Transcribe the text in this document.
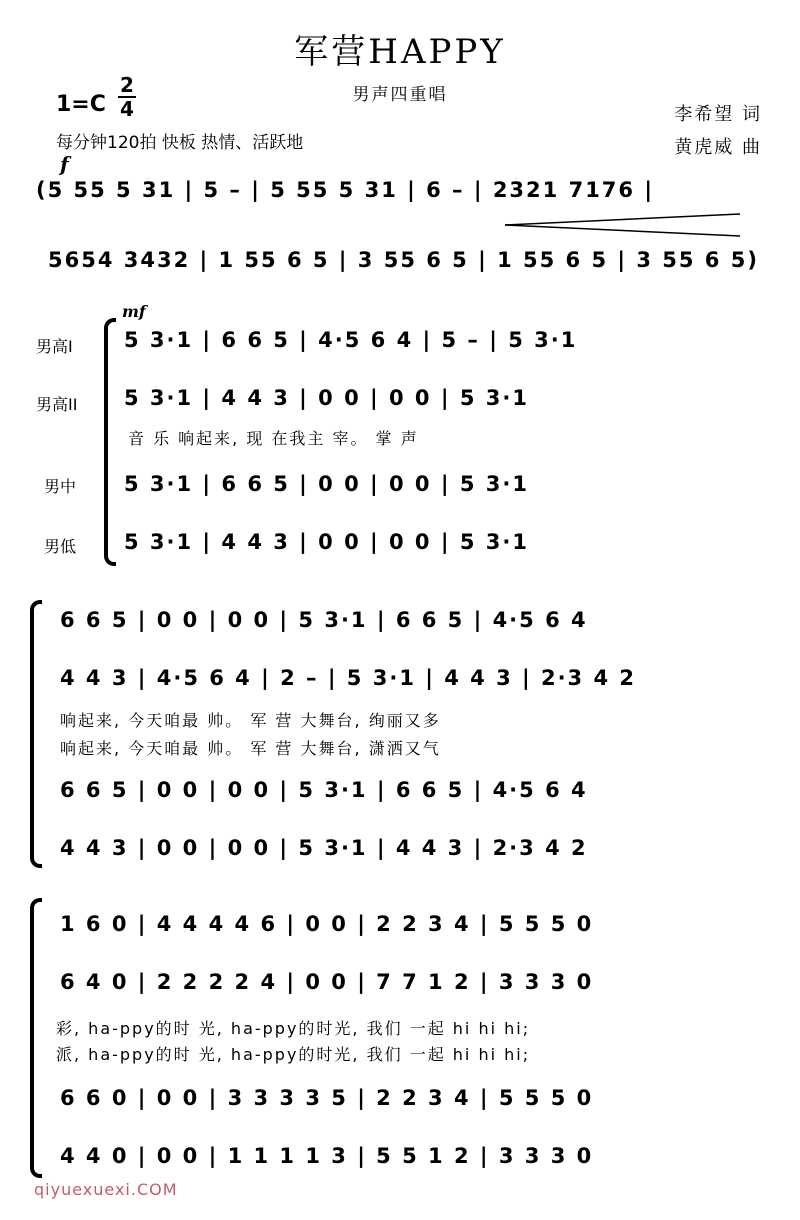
军营HAPPY
男声四重唱
1=C
2
4
每分钟120拍 快板 热情、活跃地
李希望 词
黄虎威 曲
f
(5 55 5 31 | 5 – | 5 55 5 31 | 6 – | 2321 7176 |
5654 3432 | 1 55 6 5 | 3 55 6 5 | 1 55 6 5 | 3 55 6 5)
mf
男高I
男高II
男中
男低
5 3·1 | 6 6 5 | 4·5 6 4 | 5 – | 5 3·1
5 3·1 | 4 4 3 | 0 0 | 0 0 | 5 3·1
音 乐 响起来, 现 在我主 宰。 掌 声
5 3·1 | 6 6 5 | 0 0 | 0 0 | 5 3·1
5 3·1 | 4 4 3 | 0 0 | 0 0 | 5 3·1
6 6 5 | 0 0 | 0 0 | 5 3·1 | 6 6 5 | 4·5 6 4
4 4 3 | 4·5 6 4 | 2 – | 5 3·1 | 4 4 3 | 2·3 4 2
响起来, 今天咱最 帅。 军 营 大舞台, 绚丽又多
响起来, 今天咱最 帅。 军 营 大舞台, 潇洒又气
6 6 5 | 0 0 | 0 0 | 5 3·1 | 6 6 5 | 4·5 6 4
4 4 3 | 0 0 | 0 0 | 5 3·1 | 4 4 3 | 2·3 4 2
1 6 0 | 4 4 4 4 6 | 0 0 | 2 2 3 4 | 5 5 5 0
6 4 0 | 2 2 2 2 4 | 0 0 | 7 7 1 2 | 3 3 3 0
彩, ha-ppy的时 光, ha-ppy的时光, 我们 一起 hi hi hi;
派, ha-ppy的时 光, ha-ppy的时光, 我们 一起 hi hi hi;
6 6 0 | 0 0 | 3 3 3 3 5 | 2 2 3 4 | 5 5 5 0
4 4 0 | 0 0 | 1 1 1 1 3 | 5 5 1 2 | 3 3 3 0
qiyuexuexi.COM
